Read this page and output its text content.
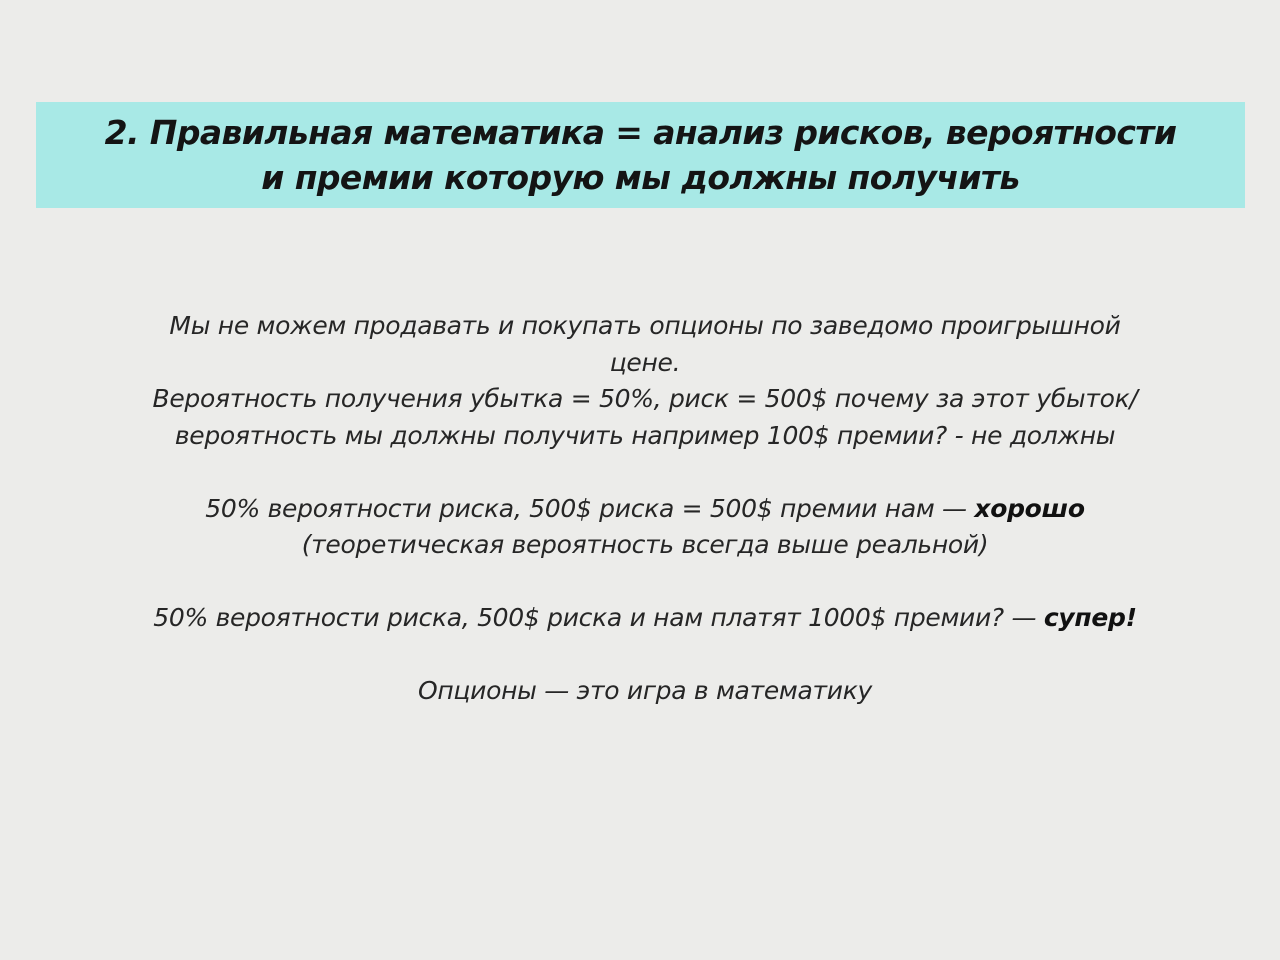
2. Правильная математика = анализ рисков, вероятности
и премии которую мы должны получить

Мы не можем продавать и покупать опционы по заведомо проигрышной

цене.

Вероятность получения убытка = 50%, риск = 500$ почему за этот убыток/

вероятность мы должны получить например 100$ премии? - не должны

50% вероятности риска, 500$ риска = 500$ премии нам — хорошо

(теоретическая вероятность всегда выше реальной)

50% вероятности риска, 500$ риска и нам платят 1000$ премии? — супер!

Опционы — это игра в математику
